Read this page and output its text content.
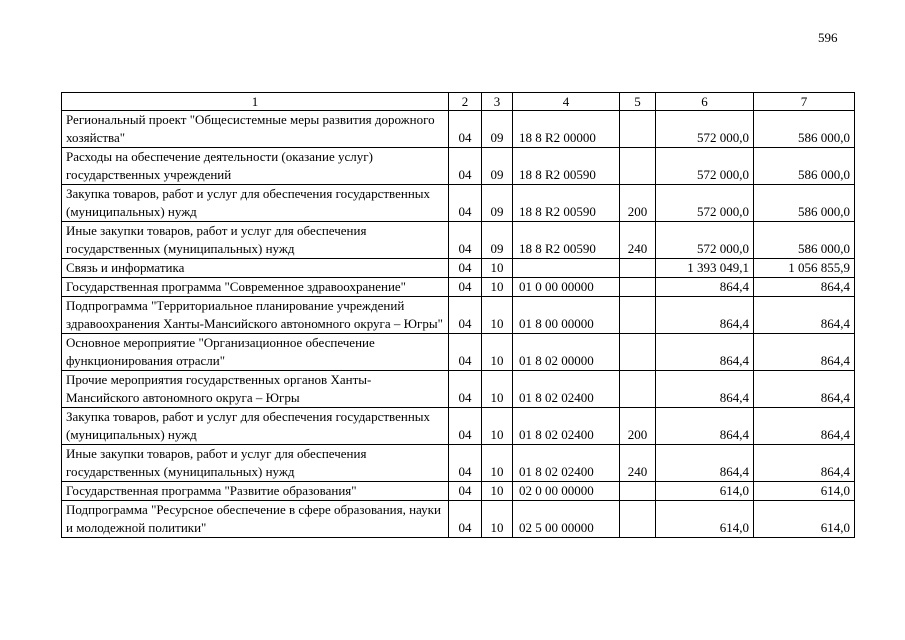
596
1	2	3	4	5	6	7
Региональный проект "Общесистемные меры развития дорожного хозяйства"	04	09	18 8 R2 00000		572 000,0	586 000,0
Расходы на обеспечение деятельности (оказание услуг) государственных учреждений	04	09	18 8 R2 00590		572 000,0	586 000,0
Закупка товаров, работ и услуг для обеспечения государственных (муниципальных) нужд	04	09	18 8 R2 00590	200	572 000,0	586 000,0
Иные закупки товаров, работ и услуг для обеспечения государственных (муниципальных) нужд	04	09	18 8 R2 00590	240	572 000,0	586 000,0
Связь и информатика	04	10			1 393 049,1	1 056 855,9
Государственная программа "Современное здравоохранение"	04	10	01 0 00 00000		864,4	864,4
Подпрограмма "Территориальное планирование учреждений здравоохранения Ханты-Мансийского автономного округа – Югры"	04	10	01 8 00 00000		864,4	864,4
Основное мероприятие "Организационное обеспечение функционирования отрасли"	04	10	01 8 02 00000		864,4	864,4
Прочие мероприятия государственных органов Ханты-Мансийского автономного округа – Югры	04	10	01 8 02 02400		864,4	864,4
Закупка товаров, работ и услуг для обеспечения государственных (муниципальных) нужд	04	10	01 8 02 02400	200	864,4	864,4
Иные закупки товаров, работ и услуг для обеспечения государственных (муниципальных) нужд	04	10	01 8 02 02400	240	864,4	864,4
Государственная программа "Развитие образования"	04	10	02 0 00 00000		614,0	614,0
Подпрограмма "Ресурсное обеспечение в сфере образования, науки и молодежной политики"	04	10	02 5 00 00000		614,0	614,0
